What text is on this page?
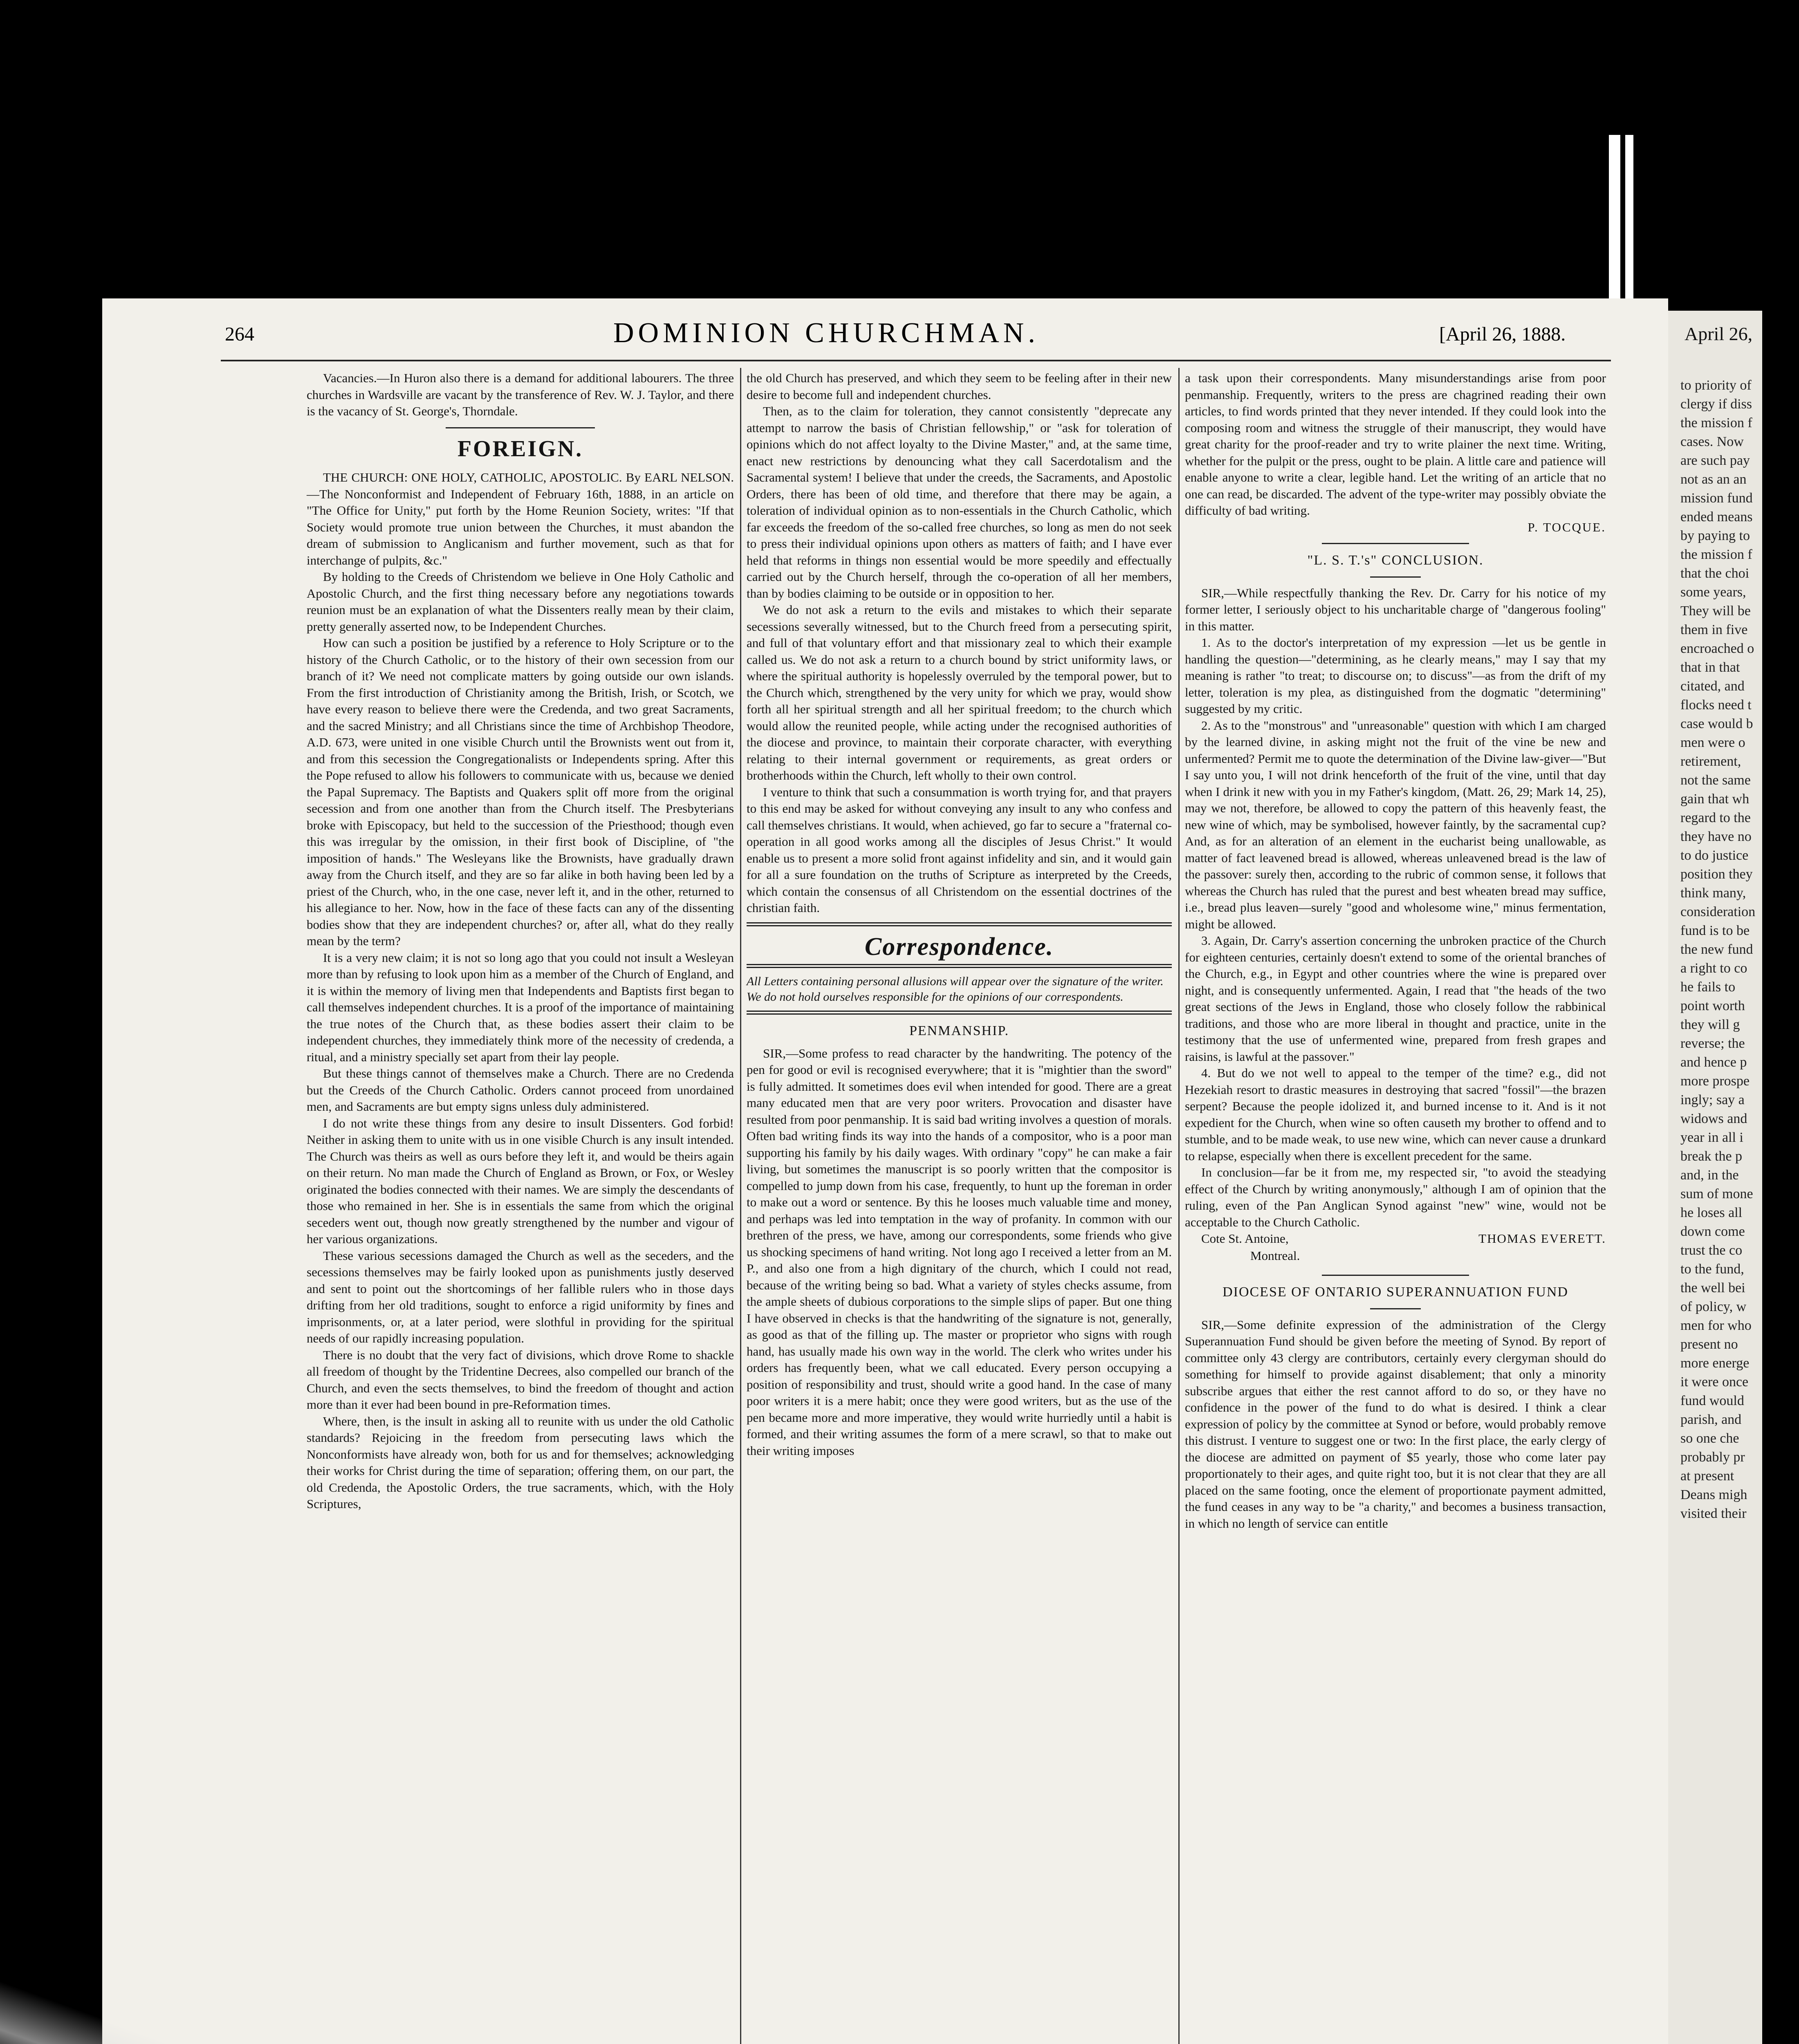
April 26,
to priority of
clergy if diss
the mission f
cases. Now
are such pay
not as an an
mission fund
ended means
by paying to
the mission f
that the choi
some years,
They will be
them in five
encroached o
that in that
citated, and
flocks need t
case would b
men were o
retirement,
not the same
gain that wh
regard to the
they have no
to do justice
position they
think many,
consideration
fund is to be
the new fund
a right to co
he fails to
point worth
they will g
reverse; the
and hence p
more prospe
ingly; say a
widows and
year in all i
break the p
and, in the
sum of mone
he loses all
down come
trust the co
to the fund,
the well bei
of policy, w
men for who
present no
more energe
it were once
fund would
parish, and
so one che
probably pr
at present
Deans migh
visited their
264	DOMINION CHURCHMAN.	[April 26, 1888.

Vacancies.—In Huron also there is a demand for additional labourers. The three churches in Wardsville are vacant by the transference of Rev. W. J. Taylor, and there is the vacancy of St. George's, Thorndale.

FOREIGN.

THE CHURCH: ONE HOLY, CATHOLIC, APOSTOLIC. By EARL NELSON.—The Nonconformist and Independent of February 16th, 1888, in an article on "The Office for Unity," put forth by the Home Reunion Society, writes: "If that Society would promote true union between the Churches, it must abandon the dream of submission to Anglicanism and further movement, such as that for interchange of pulpits, &c."

By holding to the Creeds of Christendom we believe in One Holy Catholic and Apostolic Church, and the first thing necessary before any negotiations towards reunion must be an explanation of what the Dissenters really mean by their claim, pretty generally asserted now, to be Independent Churches.

How can such a position be justified by a reference to Holy Scripture or to the history of the Church Catholic, or to the history of their own secession from our branch of it? We need not complicate matters by going outside our own islands. From the first introduction of Christianity among the British, Irish, or Scotch, we have every reason to believe there were the Credenda, and two great Sacraments, and the sacred Ministry; and all Christians since the time of Archbishop Theodore, A.D. 673, were united in one visible Church until the Brownists went out from it, and from this secession the Congregationalists or Independents spring. After this the Pope refused to allow his followers to communicate with us, because we denied the Papal Supremacy. The Baptists and Quakers split off more from the original secession and from one another than from the Church itself. The Presbyterians broke with Episcopacy, but held to the succession of the Priesthood; though even this was irregular by the omission, in their first book of Discipline, of "the imposition of hands." The Wesleyans like the Brownists, have gradually drawn away from the Church itself, and they are so far alike in both having been led by a priest of the Church, who, in the one case, never left it, and in the other, returned to his allegiance to her. Now, how in the face of these facts can any of the dissenting bodies show that they are independent churches? or, after all, what do they really mean by the term?

It is a very new claim; it is not so long ago that you could not insult a Wesleyan more than by refusing to look upon him as a member of the Church of England, and it is within the memory of living men that Independents and Baptists first began to call themselves independent churches. It is a proof of the importance of maintaining the true notes of the Church that, as these bodies assert their claim to be independent churches, they immediately think more of the necessity of credenda, a ritual, and a ministry specially set apart from their lay people.

But these things cannot of themselves make a Church. There are no Credenda but the Creeds of the Church Catholic. Orders cannot proceed from unordained men, and Sacraments are but empty signs unless duly administered.

I do not write these things from any desire to insult Dissenters. God forbid! Neither in asking them to unite with us in one visible Church is any insult intended. The Church was theirs as well as ours before they left it, and would be theirs again on their return. No man made the Church of England as Brown, or Fox, or Wesley originated the bodies connected with their names. We are simply the descendants of those who remained in her. She is in essentials the same from which the original seceders went out, though now greatly strengthened by the number and vigour of her various organizations.

These various secessions damaged the Church as well as the seceders, and the secessions themselves may be fairly looked upon as punishments justly deserved and sent to point out the shortcomings of her fallible rulers who in those days drifting from her old traditions, sought to enforce a rigid uniformity by fines and imprisonments, or, at a later period, were slothful in providing for the spiritual needs of our rapidly increasing population.

There is no doubt that the very fact of divisions, which drove Rome to shackle all freedom of thought by the Tridentine Decrees, also compelled our branch of the Church, and even the sects themselves, to bind the freedom of thought and action more than it ever had been bound in pre-Reformation times.

Where, then, is the insult in asking all to reunite with us under the old Catholic standards? Rejoicing in the freedom from persecuting laws which the Nonconformists have already won, both for us and for themselves; acknowledging their works for Christ during the time of separation; offering them, on our part, the old Credenda, the Apostolic Orders, the true sacraments, which, with the Holy Scriptures,

the old Church has preserved, and which they seem to be feeling after in their new desire to become full and independent churches.

Then, as to the claim for toleration, they cannot consistently "deprecate any attempt to narrow the basis of Christian fellowship," or "ask for toleration of opinions which do not affect loyalty to the Divine Master," and, at the same time, enact new restrictions by denouncing what they call Sacerdotalism and the Sacramental system! I believe that under the creeds, the Sacraments, and Apostolic Orders, there has been of old time, and therefore that there may be again, a toleration of individual opinion as to non-essentials in the Church Catholic, which far exceeds the freedom of the so-called free churches, so long as men do not seek to press their individual opinions upon others as matters of faith; and I have ever held that reforms in things non essential would be more speedily and effectually carried out by the Church herself, through the co-operation of all her members, than by bodies claiming to be outside or in opposition to her.

We do not ask a return to the evils and mistakes to which their separate secessions severally witnessed, but to the Church freed from a persecuting spirit, and full of that voluntary effort and that missionary zeal to which their example called us. We do not ask a return to a church bound by strict uniformity laws, or where the spiritual authority is hopelessly overruled by the temporal power, but to the Church which, strengthened by the very unity for which we pray, would show forth all her spiritual strength and all her spiritual freedom; to the church which would allow the reunited people, while acting under the recognised authorities of the diocese and province, to maintain their corporate character, with everything relating to their internal government or requirements, as great orders or brotherhoods within the Church, left wholly to their own control.

I venture to think that such a consummation is worth trying for, and that prayers to this end may be asked for without conveying any insult to any who confess and call themselves christians. It would, when achieved, go far to secure a "fraternal co-operation in all good works among all the disciples of Jesus Christ." It would enable us to present a more solid front against infidelity and sin, and it would gain for all a sure foundation on the truths of Scripture as interpreted by the Creeds, which contain the consensus of all Christendom on the essential doctrines of the christian faith.

Correspondence.

All Letters containing personal allusions will appear over the signature of the writer.

We do not hold ourselves responsible for the opinions of our correspondents.

PENMANSHIP.

SIR,—Some profess to read character by the handwriting. The potency of the pen for good or evil is recognised everywhere; that it is "mightier than the sword" is fully admitted. It sometimes does evil when intended for good. There are a great many educated men that are very poor writers. Provocation and disaster have resulted from poor penmanship. It is said bad writing involves a question of morals. Often bad writing finds its way into the hands of a compositor, who is a poor man supporting his family by his daily wages. With ordinary "copy" he can make a fair living, but sometimes the manuscript is so poorly written that the compositor is compelled to jump down from his case, frequently, to hunt up the foreman in order to make out a word or sentence. By this he looses much valuable time and money, and perhaps was led into temptation in the way of profanity. In common with our brethren of the press, we have, among our correspondents, some friends who give us shocking specimens of hand writing. Not long ago I received a letter from an M. P., and also one from a high dignitary of the church, which I could not read, because of the writing being so bad. What a variety of styles checks assume, from the ample sheets of dubious corporations to the simple slips of paper. But one thing I have observed in checks is that the handwriting of the signature is not, generally, as good as that of the filling up. The master or proprietor who signs with rough hand, has usually made his own way in the world. The clerk who writes under his orders has frequently been, what we call educated. Every person occupying a position of responsibility and trust, should write a good hand. In the case of many poor writers it is a mere habit; once they were good writers, but as the use of the pen became more and more imperative, they would write hurriedly until a habit is formed, and their writing assumes the form of a mere scrawl, so that to make out their writing imposes

a task upon their correspondents. Many misunderstandings arise from poor penmanship. Frequently, writers to the press are chagrined reading their own articles, to find words printed that they never intended. If they could look into the composing room and witness the struggle of their manuscript, they would have great charity for the proof-reader and try to write plainer the next time. Writing, whether for the pulpit or the press, ought to be plain. A little care and patience will enable anyone to write a clear, legible hand. Let the writing of an article that no one can read, be discarded. The advent of the type-writer may possibly obviate the difficulty of bad writing.

P. TOCQUE.

"L. S. T.'s" CONCLUSION.

SIR,—While respectfully thanking the Rev. Dr. Carry for his notice of my former letter, I seriously object to his uncharitable charge of "dangerous fooling" in this matter.

1. As to the doctor's interpretation of my expression —let us be gentle in handling the question—"determining, as he clearly means," may I say that my meaning is rather "to treat; to discourse on; to discuss"—as from the drift of my letter, toleration is my plea, as distinguished from the dogmatic "determining" suggested by my critic.

2. As to the "monstrous" and "unreasonable" question with which I am charged by the learned divine, in asking might not the fruit of the vine be new and unfermented? Permit me to quote the determination of the Divine law-giver—"But I say unto you, I will not drink henceforth of the fruit of the vine, until that day when I drink it new with you in my Father's kingdom, (Matt. 26, 29; Mark 14, 25), may we not, therefore, be allowed to copy the pattern of this heavenly feast, the new wine of which, may be symbolised, however faintly, by the sacramental cup? And, as for an alteration of an element in the eucharist being unallowable, as matter of fact leavened bread is allowed, whereas unleavened bread is the law of the passover: surely then, according to the rubric of common sense, it follows that whereas the Church has ruled that the purest and best wheaten bread may suffice, i.e., bread plus leaven—surely "good and wholesome wine," minus fermentation, might be allowed.

3. Again, Dr. Carry's assertion concerning the unbroken practice of the Church for eighteen centuries, certainly doesn't extend to some of the oriental branches of the Church, e.g., in Egypt and other countries where the wine is prepared over night, and is consequently unfermented. Again, I read that "the heads of the two great sections of the Jews in England, those who closely follow the rabbinical traditions, and those who are more liberal in thought and practice, unite in the testimony that the use of unfermented wine, prepared from fresh grapes and raisins, is lawful at the passover."

4. But do we not well to appeal to the temper of the time? e.g., did not Hezekiah resort to drastic measures in destroying that sacred "fossil"—the brazen serpent? Because the people idolized it, and burned incense to it. And is it not expedient for the Church, when wine so often causeth my brother to offend and to stumble, and to be made weak, to use new wine, which can never cause a drunkard to relapse, especially when there is excellent precedent for the same.

In conclusion—far be it from me, my respected sir, "to avoid the steadying effect of the Church by writing anonymously," although I am of opinion that the ruling, even of the Pan Anglican Synod against "new" wine, would not be acceptable to the Church Catholic.

Cote St. Antoine,
Montreal.
THOMAS EVERETT.
DIOCESE OF ONTARIO SUPERANNUATION FUND

SIR,—Some definite expression of the administration of the Clergy Superannuation Fund should be given before the meeting of Synod. By report of committee only 43 clergy are contributors, certainly every clergyman should do something for himself to provide against disablement; that only a minority subscribe argues that either the rest cannot afford to do so, or they have no confidence in the power of the fund to do what is desired. I think a clear expression of policy by the committee at Synod or before, would probably remove this distrust. I venture to suggest one or two: In the first place, the early clergy of the diocese are admitted on payment of $5 yearly, those who come later pay proportionately to their ages, and quite right too, but it is not clear that they are all placed on the same footing, once the element of proportionate payment admitted, the fund ceases in any way to be "a charity," and becomes a business transaction, in which no length of service can entitle
